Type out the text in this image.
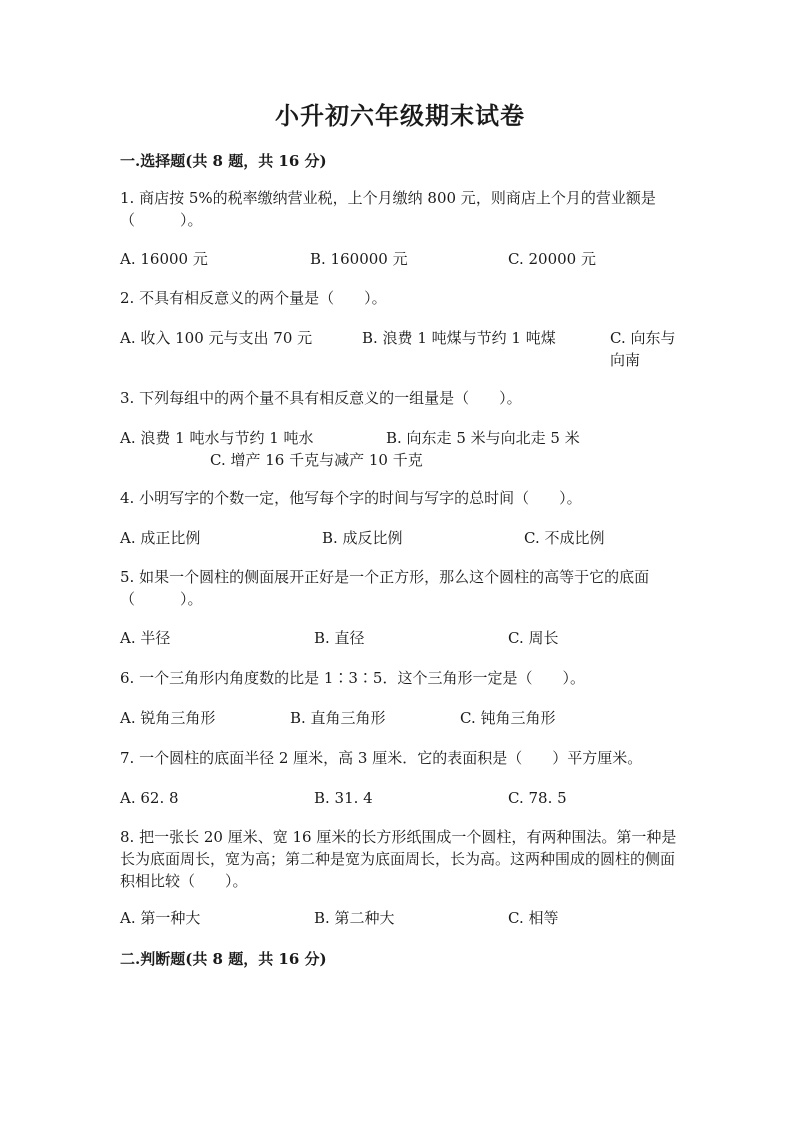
小升初六年级期末试卷
一.选择题(共 8 题，共 16 分)
1. 商店按 5%的税率缴纳营业税，上个月缴纳 800 元，则商店上个月的营业额是（　　　）。
A. 16000 元	B. 160000 元	C. 20000 元
2. 不具有相反意义的两个量是（　　）。
A. 收入 100 元与支出 70 元	B. 浪费 1 吨煤与节约 1 吨煤	C. 向东与向南
3. 下列每组中的两个量不具有相反意义的一组量是（　　）。
A. 浪费 1 吨水与节约 1 吨水	B. 向东走 5 米与向北走 5 米
C. 增产 16 千克与减产 10 千克
4. 小明写字的个数一定，他写每个字的时间与写字的总时间（　　）。
A. 成正比例	B. 成反比例	C. 不成比例
5. 如果一个圆柱的侧面展开正好是一个正方形，那么这个圆柱的高等于它的底面（　　　）。
A. 半径	B. 直径	C. 周长
6. 一个三角形内角度数的比是 1∶3∶5．这个三角形一定是（　　）。
A. 锐角三角形	B. 直角三角形	C. 钝角三角形
7. 一个圆柱的底面半径 2 厘米，高 3 厘米．它的表面积是（　　）平方厘米。
A. 62. 8	B. 31. 4	C. 78. 5
8. 把一张长 20 厘米、宽 16 厘米的长方形纸围成一个圆柱，有两种围法。第一种是长为底面周长，宽为高；第二种是宽为底面周长，长为高。这两种围成的圆柱的侧面积相比较（　　）。
A. 第一种大	B. 第二种大	C. 相等
二.判断题(共 8 题，共 16 分)
